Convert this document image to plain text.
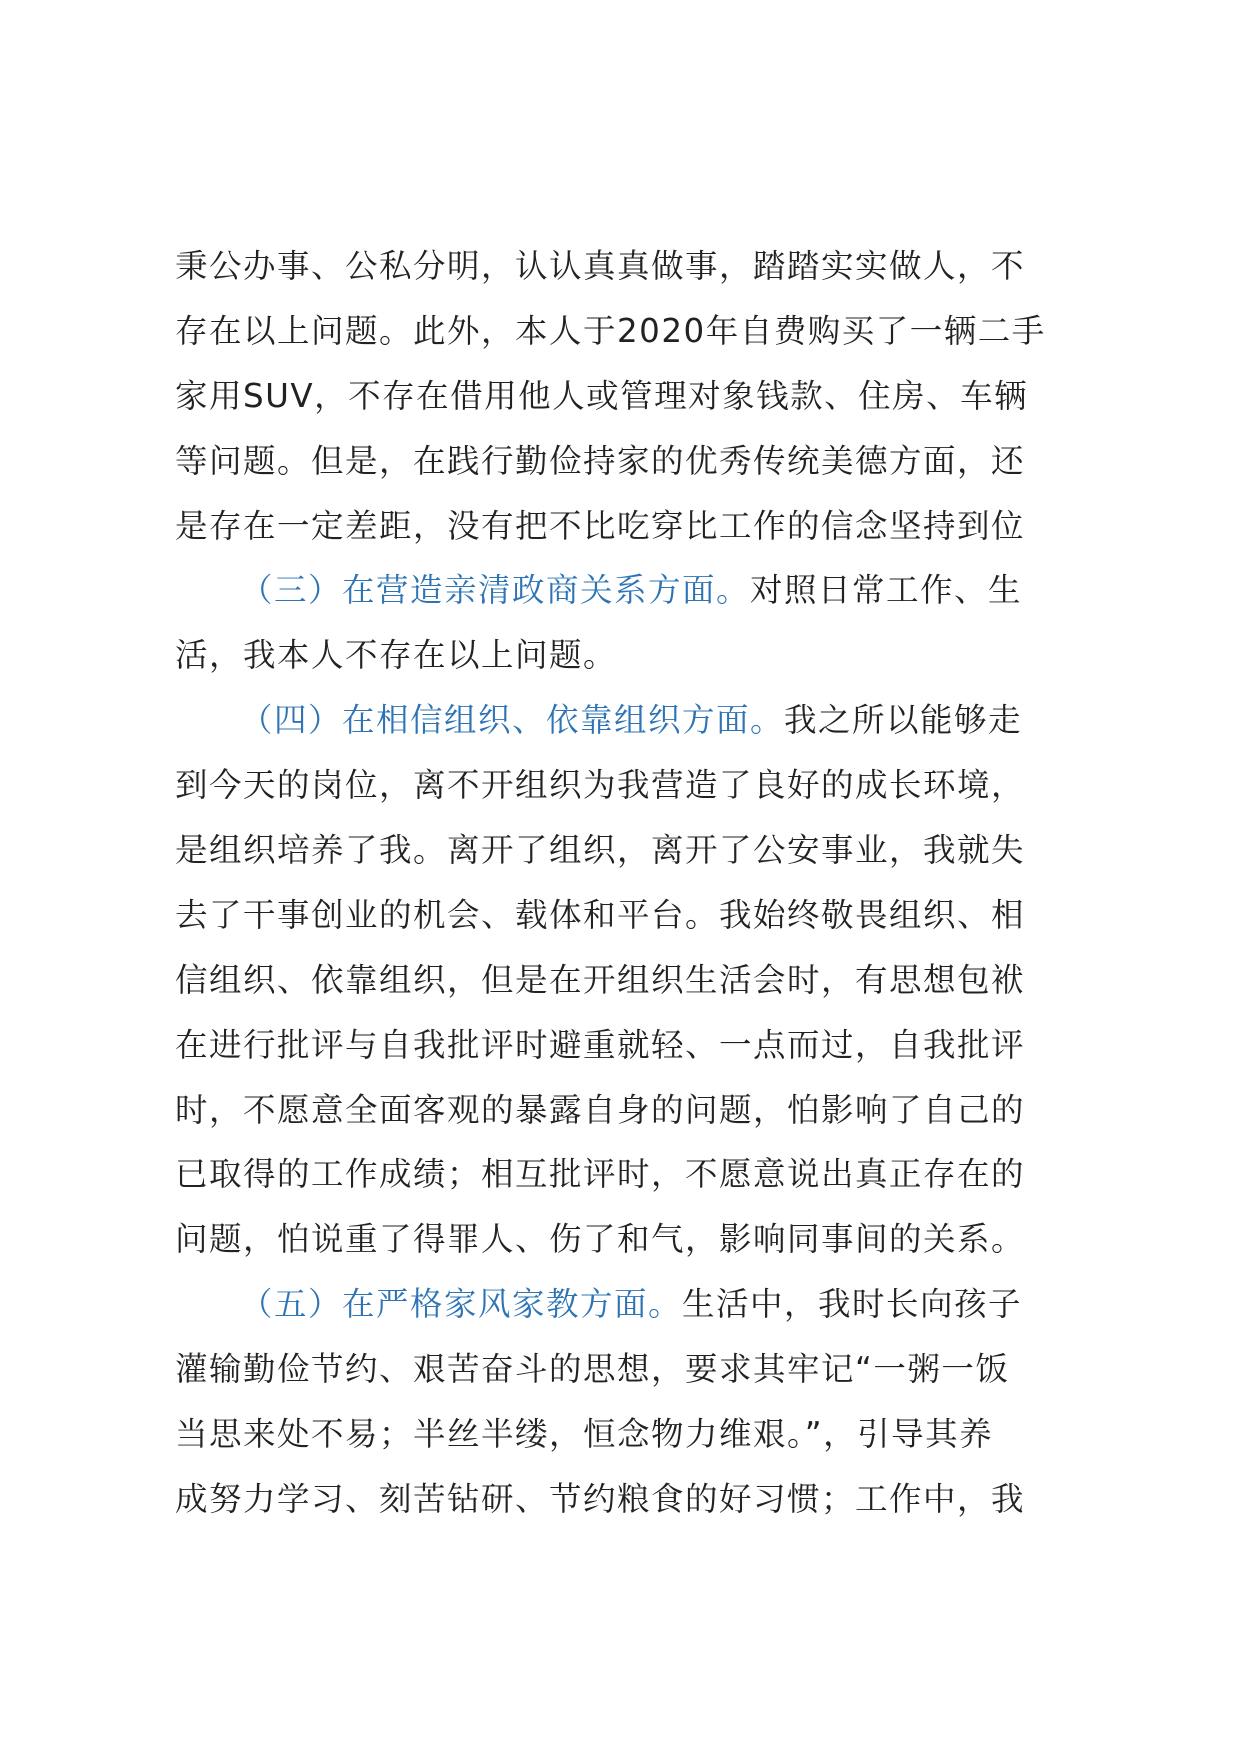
秉公办事、公私分明，认认真真做事，踏踏实实做人，不
存在以上问题。此外，本人于2020年自费购买了一辆二手
家用SUV，不存在借用他人或管理对象钱款、住房、车辆
等问题。但是，在践行勤俭持家的优秀传统美德方面，还
是存在一定差距，没有把不比吃穿比工作的信念坚持到位
（三）在营造亲清政商关系方面。对照日常工作、生
活，我本人不存在以上问题。
（四）在相信组织、依靠组织方面。我之所以能够走
到今天的岗位，离不开组织为我营造了良好的成长环境，
是组织培养了我。离开了组织，离开了公安事业，我就失
去了干事创业的机会、载体和平台。我始终敬畏组织、相
信组织、依靠组织，但是在开组织生活会时，有思想包袱
在进行批评与自我批评时避重就轻、一点而过，自我批评
时，不愿意全面客观的暴露自身的问题，怕影响了自己的
已取得的工作成绩；相互批评时，不愿意说出真正存在的
问题，怕说重了得罪人、伤了和气，影响同事间的关系。
（五）在严格家风家教方面。生活中，我时长向孩子
灌输勤俭节约、艰苦奋斗的思想，要求其牢记“一粥一饭
当思来处不易；半丝半缕，恒念物力维艰。”，引导其养
成努力学习、刻苦钻研、节约粮食的好习惯；工作中，我
